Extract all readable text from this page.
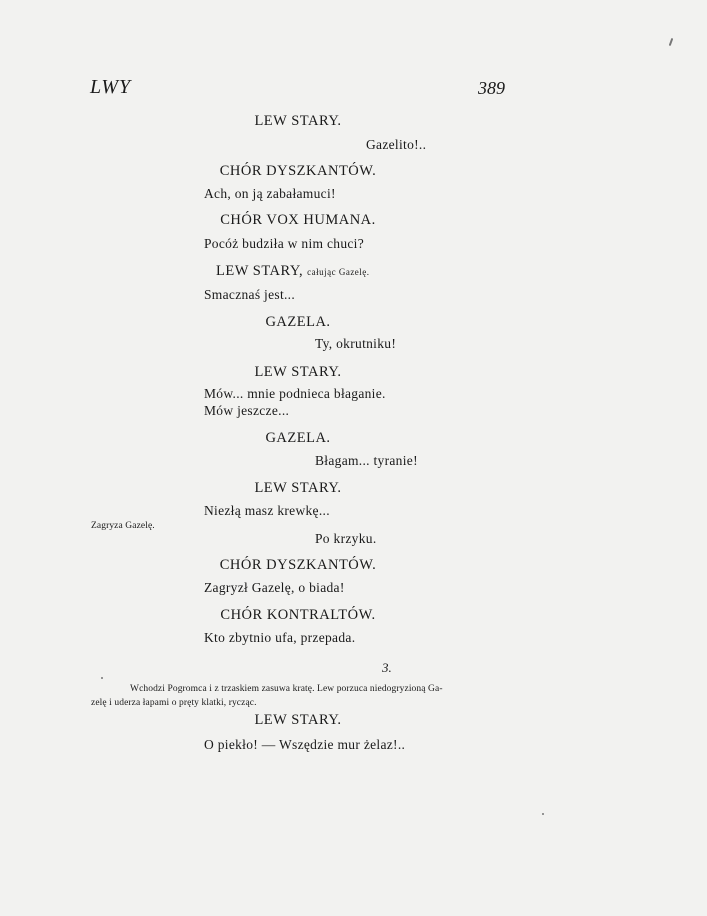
LWY	389
LEW STARY.
Gazelito!..
CHÓR DYSZKANTÓW.
Ach, on ją zabałamuci!
CHÓR VOX HUMANA.
Pocóż budziła w nim chuci?
LEW STARY, całując Gazelę.
Smacznaś jest...
GAZELA.
Ty, okrutniku!
LEW STARY.
Mów... mnie podnieca błaganie.
Mów jeszcze...
GAZELA.
Błagam... tyranie!
LEW STARY.
Niezłą masz krewkę...
Zagryza Gazelę.
Po krzyku.
CHÓR DYSZKANTÓW.
Zagryzł Gazelę, o biada!
CHÓR KONTRALTÓW.
Kto zbytnio ufa, przepada.
3.
Wchodzi Pogromca i z trzaskiem zasuwa kratę. Lew porzuca niedogryzioną Ga-
zelę i uderza łapami o pręty klatki, rycząc.
LEW STARY.
O piekło! — Wszędzie mur żelaz!..
